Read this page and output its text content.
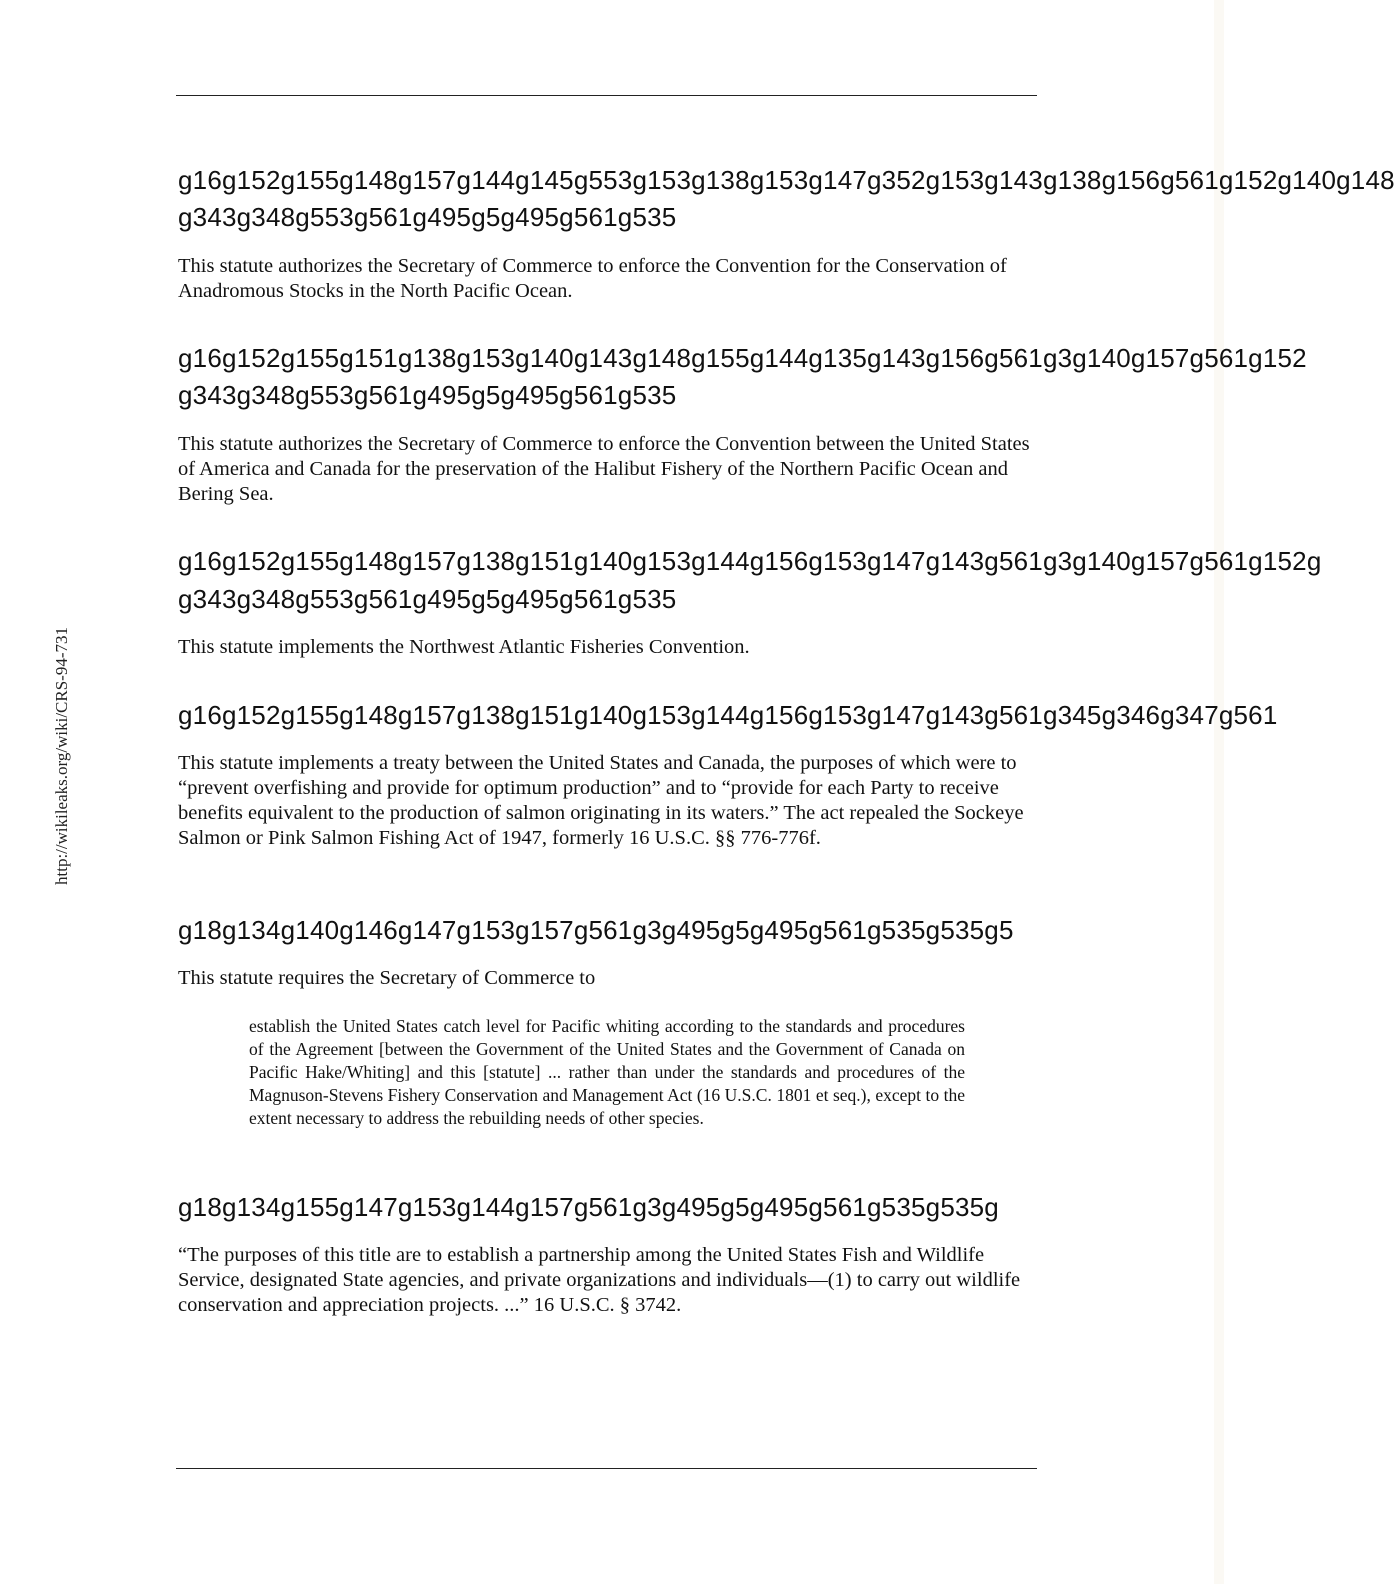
http://wikileaks.org/wiki/CRS-94-731
g16g152g155g148g157g144g145g553g153g138g153g147g352g153g143g138g156g561g152g140g148
g343g348g553g561g495g5g495g561g535
This statute authorizes the Secretary of Commerce to enforce the Convention for the Conservation of Anadromous Stocks in the North Pacific Ocean.
g16g152g155g151g138g153g140g143g148g155g144g135g143g156g561g3g140g157g561g152
g343g348g553g561g495g5g495g561g535
This statute authorizes the Secretary of Commerce to enforce the Convention between the United States of America and Canada for the preservation of the Halibut Fishery of the Northern Pacific Ocean and Bering Sea.
g16g152g155g148g157g138g151g140g153g144g156g153g147g143g561g3g140g157g561g152g
g343g348g553g561g495g5g495g561g535
This statute implements the Northwest Atlantic Fisheries Convention.
g16g152g155g148g157g138g151g140g153g144g156g153g147g143g561g345g346g347g561
This statute implements a treaty between the United States and Canada, the purposes of which were to “prevent overfishing and provide for optimum production” and to “provide for each Party to receive benefits equivalent to the production of salmon originating in its waters.” The act repealed the Sockeye Salmon or Pink Salmon Fishing Act of 1947, formerly 16 U.S.C. §§ 776-776f.
g18g134g140g146g147g153g157g561g3g495g5g495g561g535g535g5
This statute requires the Secretary of Commerce to
establish the United States catch level for Pacific whiting according to the standards and procedures of the Agreement [between the Government of the United States and the Government of Canada on Pacific Hake/Whiting] and this [statute] ... rather than under the standards and procedures of the Magnuson-Stevens Fishery Conservation and Management Act (16 U.S.C. 1801 et seq.), except to the extent necessary to address the rebuilding needs of other species.
g18g134g155g147g153g144g157g561g3g495g5g495g561g535g535g
“The purposes of this title are to establish a partnership among the United States Fish and Wildlife Service, designated State agencies, and private organizations and individuals—(1) to carry out wildlife conservation and appreciation projects. ...” 16 U.S.C. § 3742.
